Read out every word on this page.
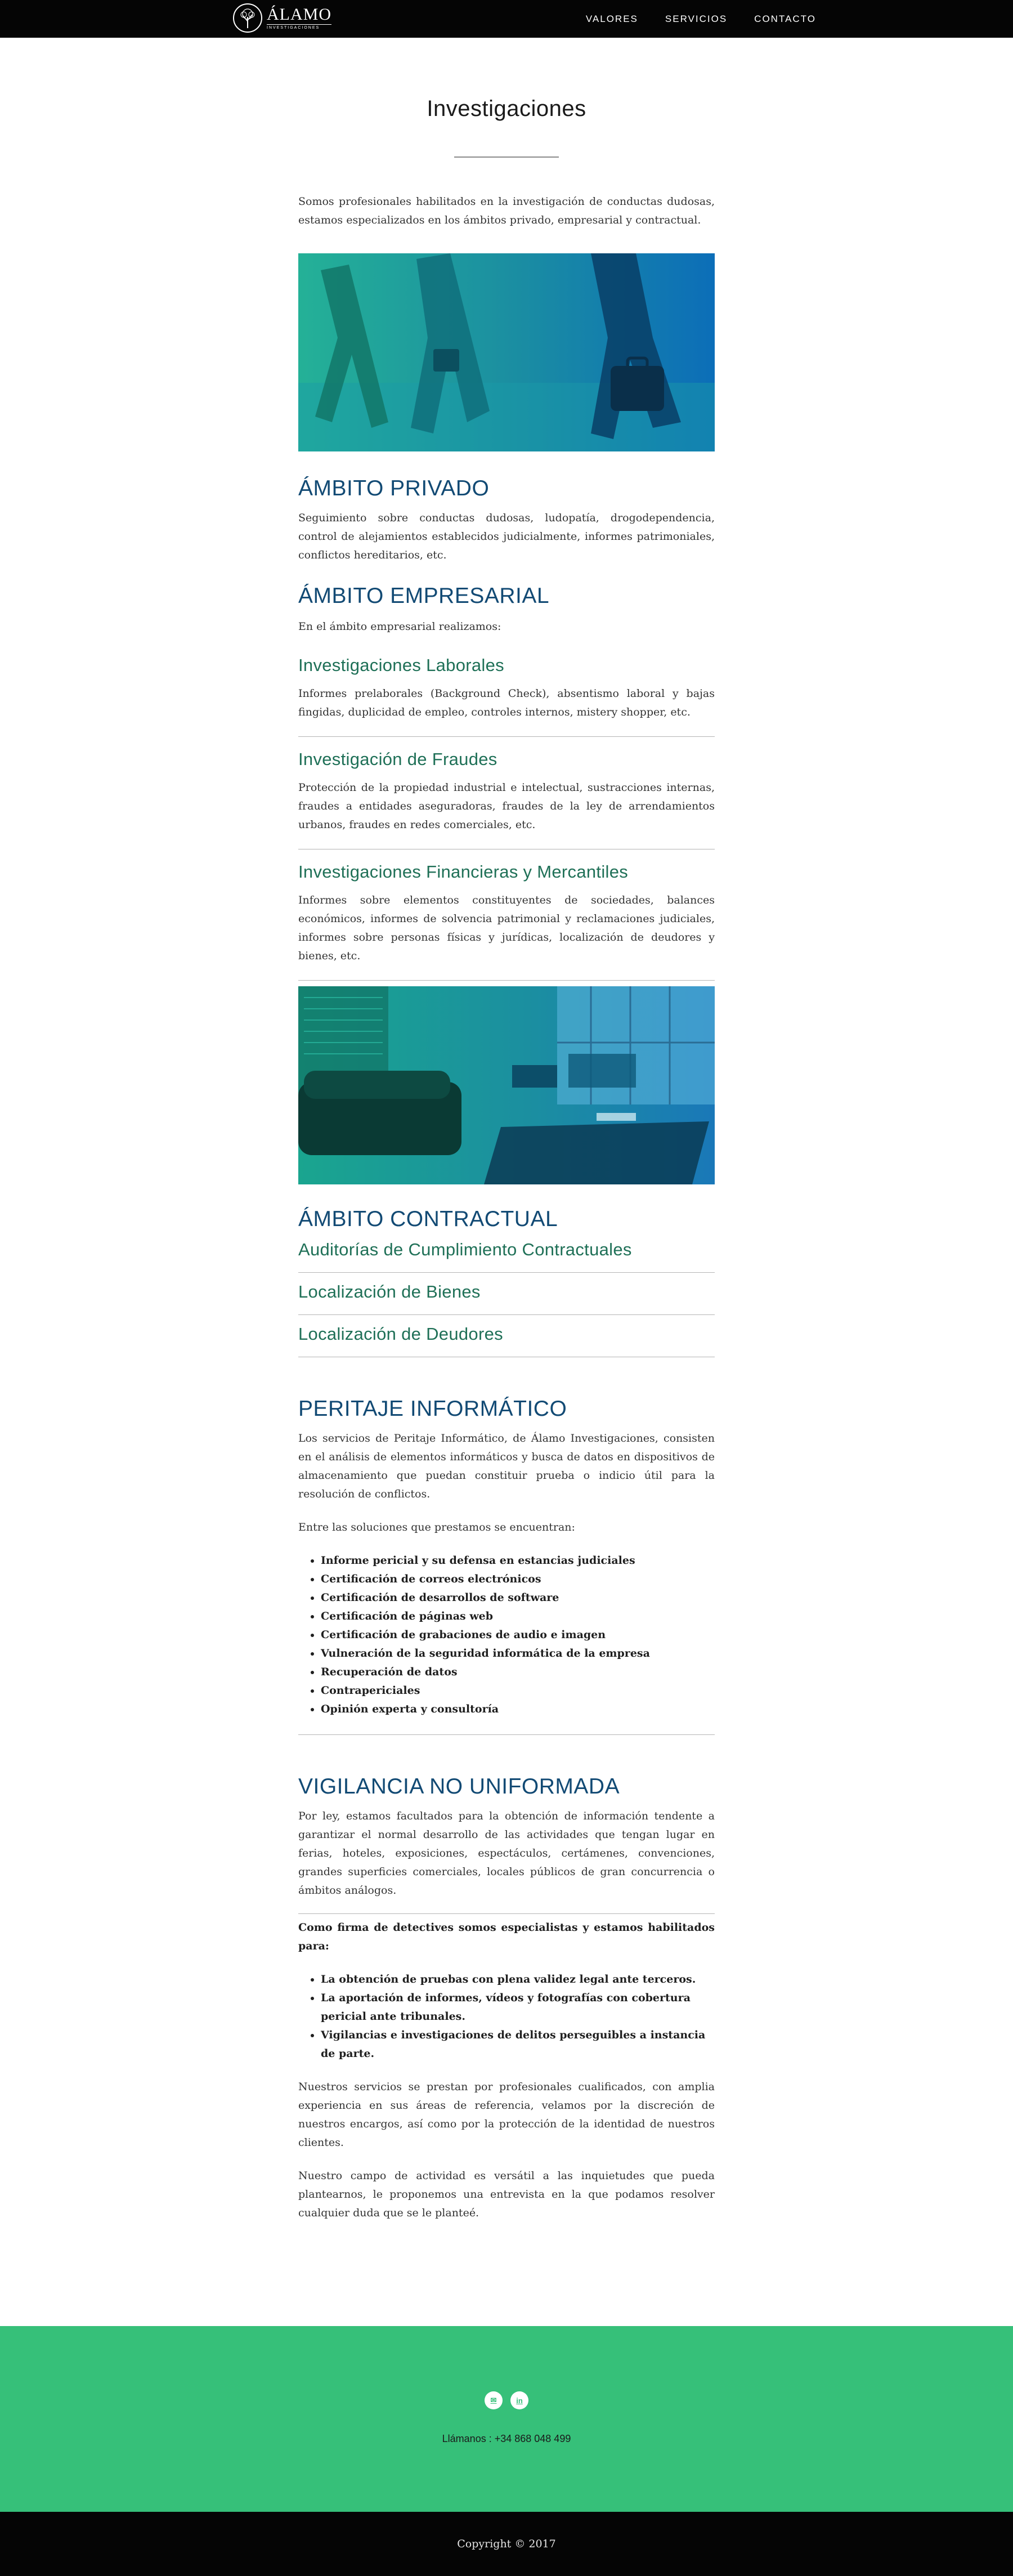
ÁLAMO
INVESTIGACIONES
VALORES	SERVICIOS	CONTACTO
Investigaciones

Somos profesionales habilitados en la investigación de conductas dudosas, estamos especializados en los ámbitos privado, empresarial y contractual.

ÁMBITO PRIVADO

Seguimiento sobre conductas dudosas, ludopatía, drogodependencia, control de alejamientos establecidos judicialmente, informes patrimoniales, conflictos hereditarios, etc.

ÁMBITO EMPRESARIAL

En el ámbito empresarial realizamos:

Investigaciones Laborales

Informes prelaborales (Background Check), absentismo laboral y bajas fingidas, duplicidad de empleo, controles internos, mistery shopper, etc.

Investigación de Fraudes

Protección de la propiedad industrial e intelectual, sustracciones internas, fraudes a entidades aseguradoras, fraudes de la ley de arrendamientos urbanos, fraudes en redes comerciales, etc.

Investigaciones Financieras y Mercantiles

Informes sobre elementos constituyentes de sociedades, balances económicos, informes de solvencia patrimonial y reclamaciones judiciales, informes sobre personas físicas y jurídicas, localización de deudores y bienes, etc.

ÁMBITO CONTRACTUAL
Auditorías de Cumplimiento Contractuales
Localización de Bienes
Localización de Deudores
PERITAJE INFORMÁTICO

Los servicios de Peritaje Informático, de Álamo Investigaciones, consisten en el análisis de elementos informáticos y busca de datos en dispositivos de almacenamiento que puedan constituir prueba o indicio útil para la resolución de conflictos.

Entre las soluciones que prestamos se encuentran:

• Informe pericial y su defensa en estancias judiciales
• Certificación de correos electrónicos
• Certificación de desarrollos de software
• Certificación de páginas web
• Certificación de grabaciones de audio e imagen
• Vulneración de la seguridad informática de la empresa
• Recuperación de datos
• Contrapericiales
• Opinión experta y consultoría
VIGILANCIA NO UNIFORMADA

Por ley, estamos facultados para la obtención de información tendente a garantizar el normal desarrollo de las actividades que tengan lugar en ferias, hoteles, exposiciones, espectáculos, certámenes, convenciones, grandes superficies comerciales, locales públicos de gran concurrencia o ámbitos análogos.

Como firma de detectives somos especialistas y estamos habilitados para:

• La obtención de pruebas con plena validez legal ante terceros.
• La aportación de informes, vídeos y fotografías con cobertura pericial ante tribunales.
• Vigilancias e investigaciones de delitos perseguibles a instancia de parte.

Nuestros servicios se prestan por profesionales cualificados, con amplia experiencia en sus áreas de referencia, velamos por la discreción de nuestros encargos, así como por la protección de la identidad de nuestros clientes.

Nuestro campo de actividad es versátil a las inquietudes que pueda plantearnos, le proponemos una entrevista en la que podamos resolver cualquier duda que se le planteé.

✉	in
Llámanos : +34 868 048 499
Copyright © 2017
